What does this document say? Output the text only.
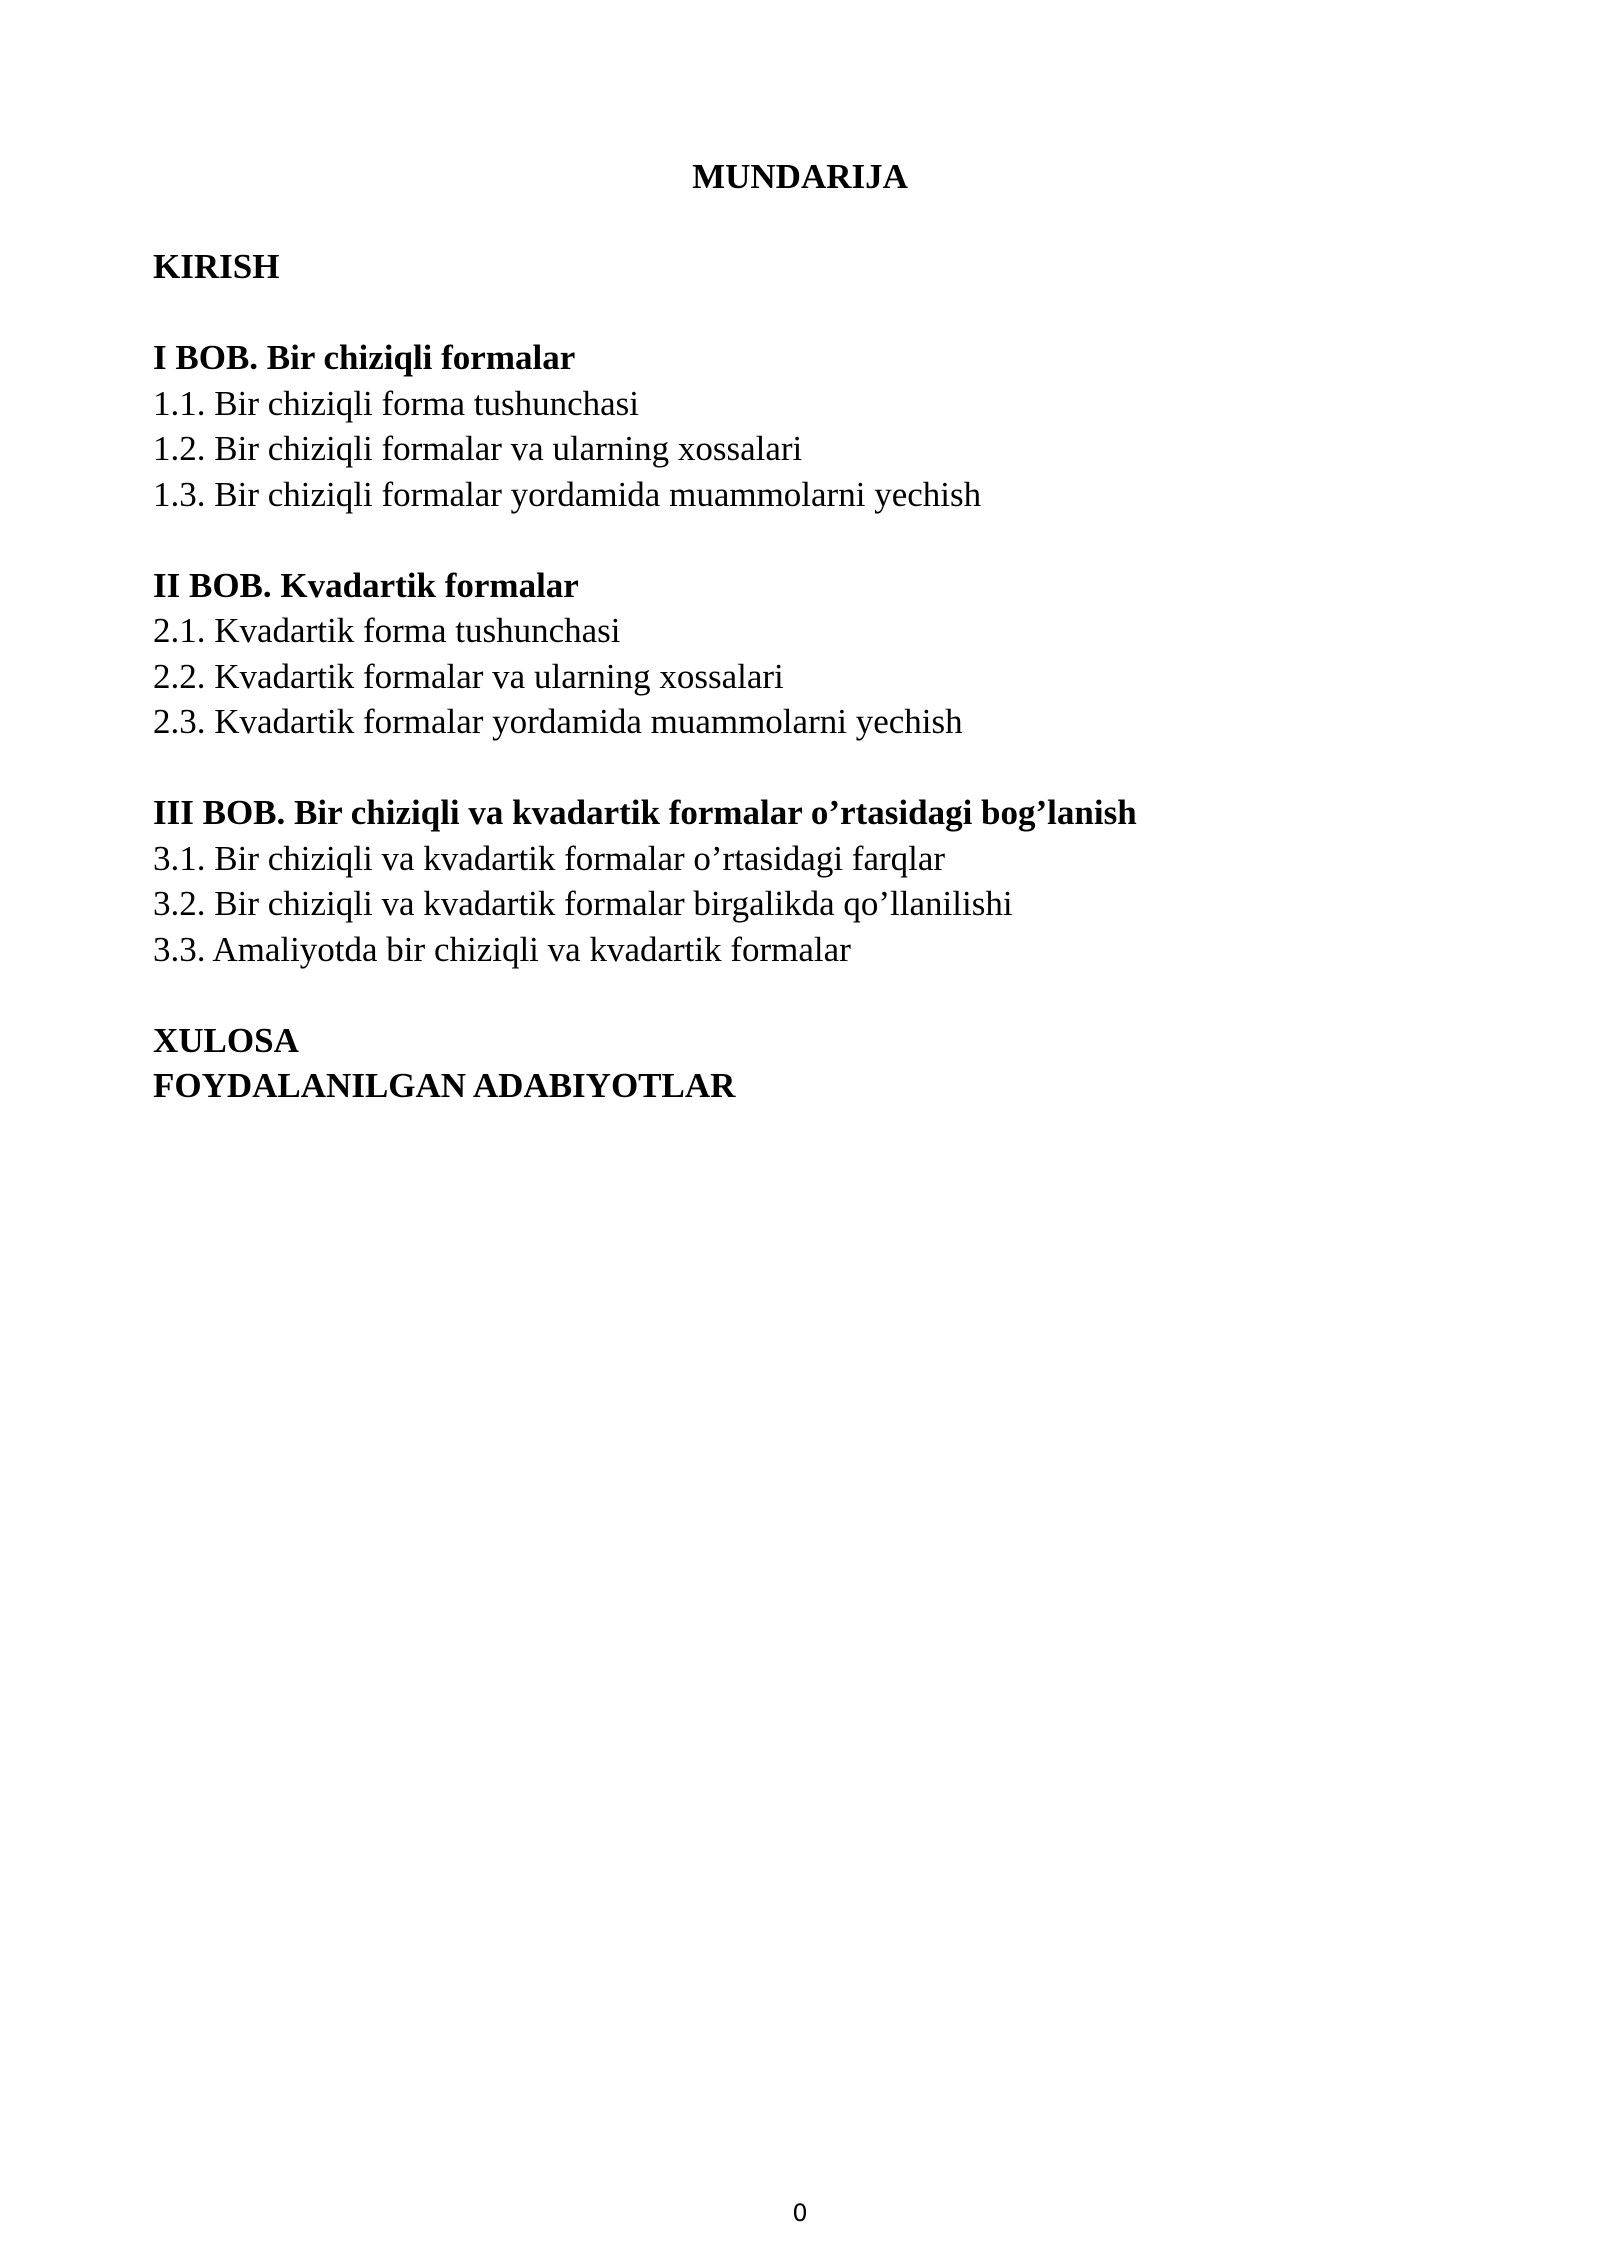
MUNDARIJA
KIRISH
I BOB. Bir chiziqli formalar
1.1. Bir chiziqli forma tushunchasi
1.2. Bir chiziqli formalar va ularning xossalari
1.3. Bir chiziqli formalar yordamida muammolarni yechish
II BOB. Kvadartik formalar
2.1. Kvadartik forma tushunchasi
2.2. Kvadartik formalar va ularning xossalari
2.3. Kvadartik formalar yordamida muammolarni yechish
III BOB. Bir chiziqli va kvadartik formalar o’rtasidagi bog’lanish
3.1. Bir chiziqli va kvadartik formalar o’rtasidagi farqlar
3.2. Bir chiziqli va kvadartik formalar birgalikda qo’llanilishi
3.3. Amaliyotda bir chiziqli va kvadartik formalar
XULOSA
FOYDALANILGAN ADABIYOTLAR
0
